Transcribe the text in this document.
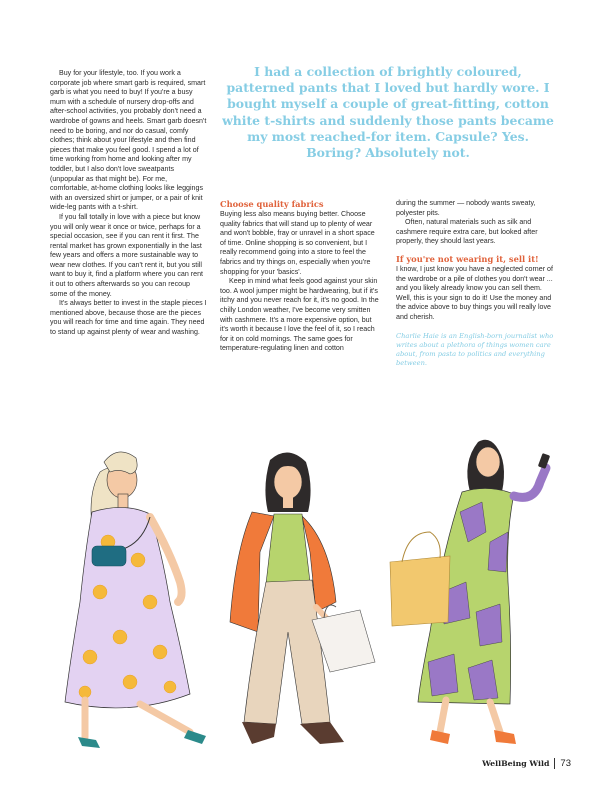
Buy for your lifestyle, too. If you work a corporate job where smart garb is required, smart garb is what you need to buy! If you're a busy mum with a schedule of nursery drop-offs and after-school activities, you probably don't need a wardrobe of gowns and heels. Smart garb doesn't need to be boring, and nor do casual, comfy clothes; think about your lifestyle and then find pieces that make you feel good. I spend a lot of time working from home and looking after my toddler, but I also don't love sweatpants (unpopular as that might be). For me, comfortable, at-home clothing looks like leggings with an oversized shirt or jumper, or a pair of knit wide-leg pants with a t-shirt.

If you fall totally in love with a piece but know you will only wear it once or twice, perhaps for a special occasion, see if you can rent it first. The rental market has grown exponentially in the last few years and offers a more sustainable way to wear new clothes. If you can't rent it, but you still want to buy it, find a platform where you can rent it out to others afterwards so you can recoup some of the money.

It's always better to invest in the staple pieces I mentioned above, because those are the pieces you will reach for time and time again. They need to stand up against plenty of wear and washing.

I had a collection of brightly coloured, patterned pants that I loved but hardly wore. I bought myself a couple of great-fitting, cotton white t-shirts and suddenly those pants became my most reached-for item. Capsule? Yes. Boring? Absolutely not.
Choose quality fabrics

Buying less also means buying better. Choose quality fabrics that will stand up to plenty of wear and won't bobble, fray or unravel in a short space of time. Online shopping is so convenient, but I really recommend going into a store to feel the fabrics and try things on, especially when you're shopping for your 'basics'.

Keep in mind what feels good against your skin too. A wool jumper might be hardwearing, but if it's itchy and you never reach for it, it's no good. In the chilly London weather, I've become very smitten with cashmere. It's a more expensive option, but it's worth it because I love the feel of it, so I reach for it on cold mornings. The same goes for temperature-regulating linen and cotton

during the summer — nobody wants sweaty, polyester pits.

Often, natural materials such as silk and cashmere require extra care, but looked after properly, they should last years.

If you're not wearing it, sell it!

I know, I just know you have a neglected corner of the wardrobe or a pile of clothes you don't wear ... and you likely already know you can sell them. Well, this is your sign to do it! Use the money and the advice above to buy things you will really love and cherish.

Charlie Haie is an English-born journalist who writes about a plethora of things women care about, from pasta to politics and everything between.
WellBeing Wild 73
